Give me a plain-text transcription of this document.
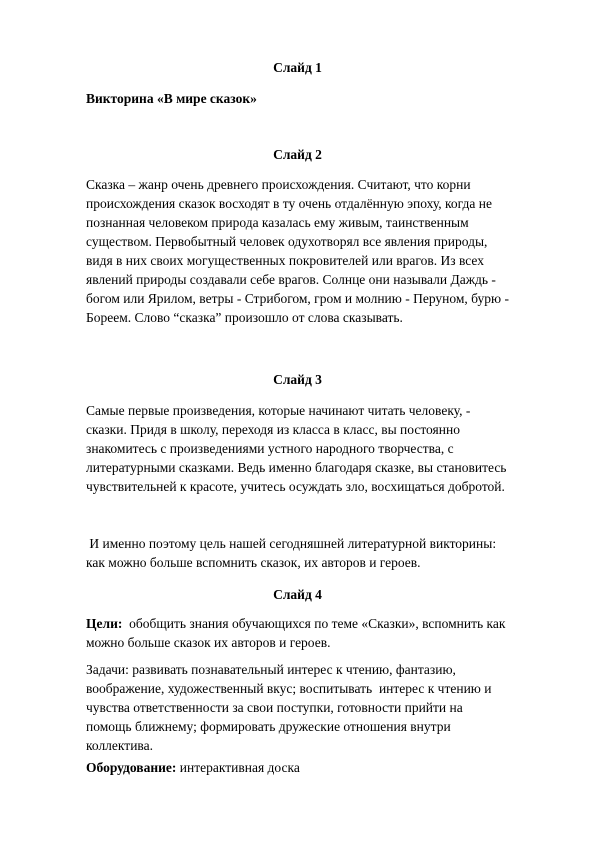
Слайд 1

Викторина «В мире сказок»

Слайд 2

Сказка – жанр очень древнего происхождения. Считают, что корни происхождения сказок восходят в ту очень отдалённую эпоху, когда не познанная человеком природа казалась ему живым, таинственным существом. Первобытный человек одухотворял все явления природы, видя в них своих могущественных покровителей или врагов. Из всех явлений природы создавали себе врагов. Солнце они называли Даждь - богом или Ярилом, ветры - Стрибогом, гром и молнию - Перуном, бурю - Бореем. Слово “сказка” произошло от слова сказывать.

Слайд 3

Самые первые произведения, которые начинают читать человеку, - сказки. Придя в школу, переходя из класса в класс, вы постоянно знакомитесь с произведениями устного народного творчества, с литературными сказками. Ведь именно благодаря сказке, вы становитесь чувствительней к красоте, учитесь осуждать зло, восхищаться добротой.

И именно поэтому цель нашей сегодняшней литературной викторины: как можно больше вспомнить сказок, их авторов и героев.

Слайд 4

Цели:  обобщить знания обучающихся по теме «Сказки», вспомнить как можно больше сказок их авторов и героев.

Задачи: развивать познавательный интерес к чтению, фантазию, воображение, художественный вкус; воспитывать  интерес к чтению и чувства ответственности за свои поступки, готовности прийти на помощь ближнему; формировать дружеские отношения внутри коллектива.

Оборудование: интерактивная доска
